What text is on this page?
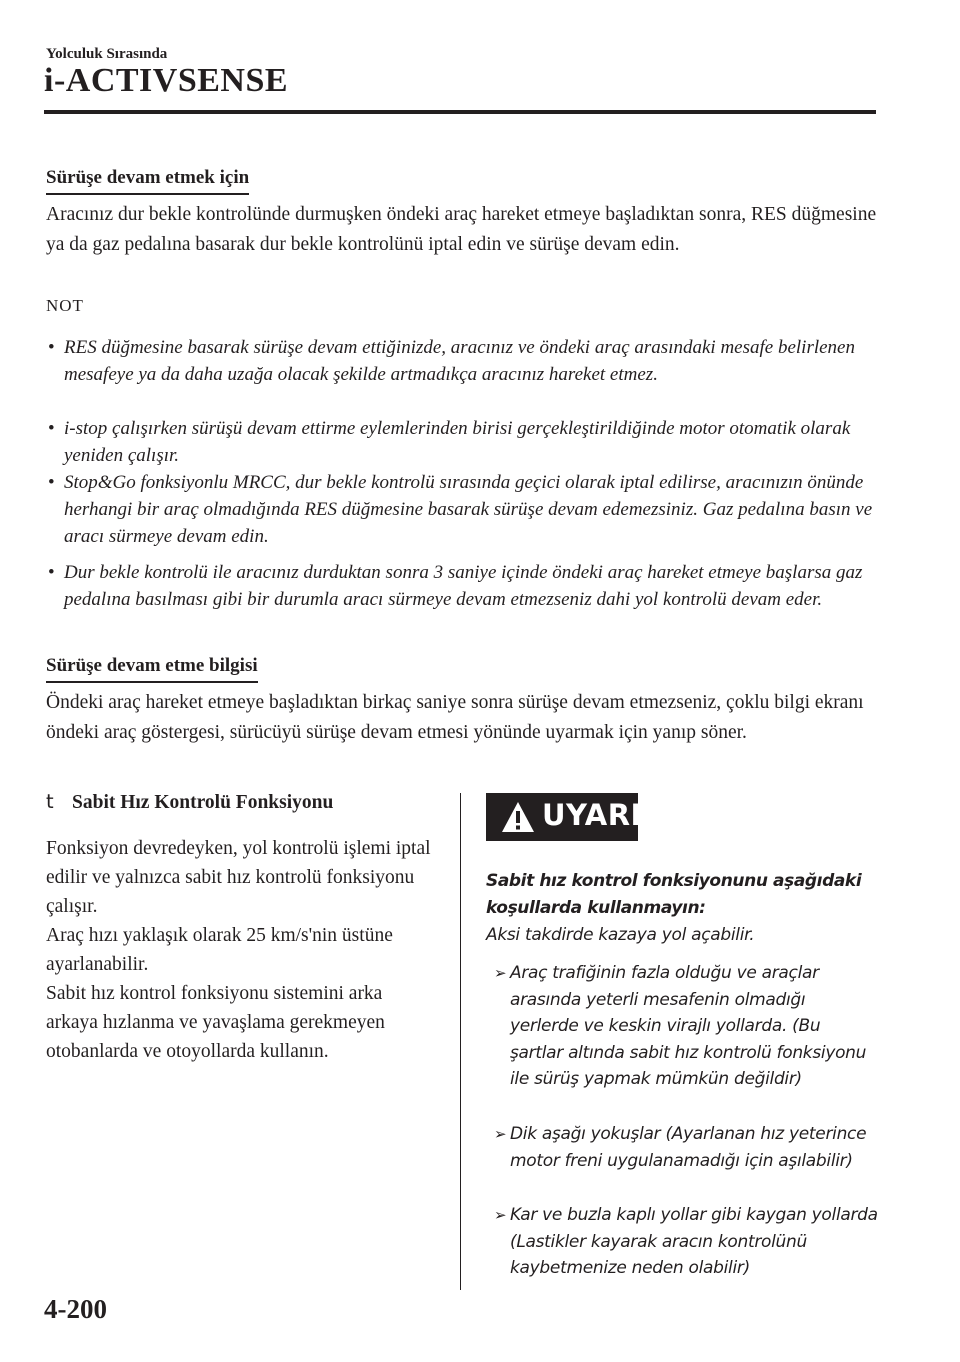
Yolculuk Sırasında
i-ACTIVSENSE
Sürüşe devam etmek için
Aracınız dur bekle kontrolünde durmuşken öndeki araç hareket etmeye başladıktan sonra, RES düğmesine ya da gaz pedalına basarak dur bekle kontrolünü iptal edin ve sürüşe devam edin.
NOT
• RES düğmesine basarak sürüşe devam ettiğinizde, aracınız ve öndeki araç arasındaki mesafe belirlenen mesafeye ya da daha uzağa olacak şekilde artmadıkça aracınız hareket etmez.
• i-stop çalışırken sürüşü devam ettirme eylemlerinden birisi gerçekleştirildiğinde motor otomatik olarak yeniden çalışır.
• Stop&Go fonksiyonlu MRCC, dur bekle kontrolü sırasında geçici olarak iptal edilirse, aracınızın önünde herhangi bir araç olmadığında RES düğmesine basarak sürüşe devam edemezsiniz. Gaz pedalına basın ve aracı sürmeye devam edin.
• Dur bekle kontrolü ile aracınız durduktan sonra 3 saniye içinde öndeki araç hareket etmeye başlarsa gaz pedalına basılması gibi bir durumla aracı sürmeye devam etmezseniz dahi yol kontrolü devam eder.
Sürüşe devam etme bilgisi
Öndeki araç hareket etmeye başladıktan birkaç saniye sonra sürüşe devam etmezseniz, çoklu bilgi ekranı öndeki araç göstergesi, sürücüyü sürüşe devam etmesi yönünde uyarmak için yanıp söner.
t Sabit Hız Kontrolü Fonksiyonu
Fonksiyon devredeyken, yol kontrolü işlemi iptal edilir ve yalnızca sabit hız kontrolü fonksiyonu çalışır.
Araç hızı yaklaşık olarak 25 km/s'nin üstüne ayarlanabilir.
Sabit hız kontrol fonksiyonu sistemini arka arkaya hızlanma ve yavaşlama gerekmeyen otobanlarda ve otoyollarda kullanın.
UYARI
Sabit hız kontrol fonksiyonunu aşağıdaki koşullarda kullanmayın:
Aksi takdirde kazaya yol açabilir.
➢ Araç trafiğinin fazla olduğu ve araçlar arasında yeterli mesafenin olmadığı yerlerde ve keskin virajlı yollarda. (Bu şartlar altında sabit hız kontrolü fonksiyonu ile sürüş yapmak mümkün değildir)
➢ Dik aşağı yokuşlar (Ayarlanan hız yeterince motor freni uygulanamadığı için aşılabilir)
➢ Kar ve buzla kaplı yollar gibi kaygan yollarda (Lastikler kayarak aracın kontrolünü kaybetmenize neden olabilir)
4-200
